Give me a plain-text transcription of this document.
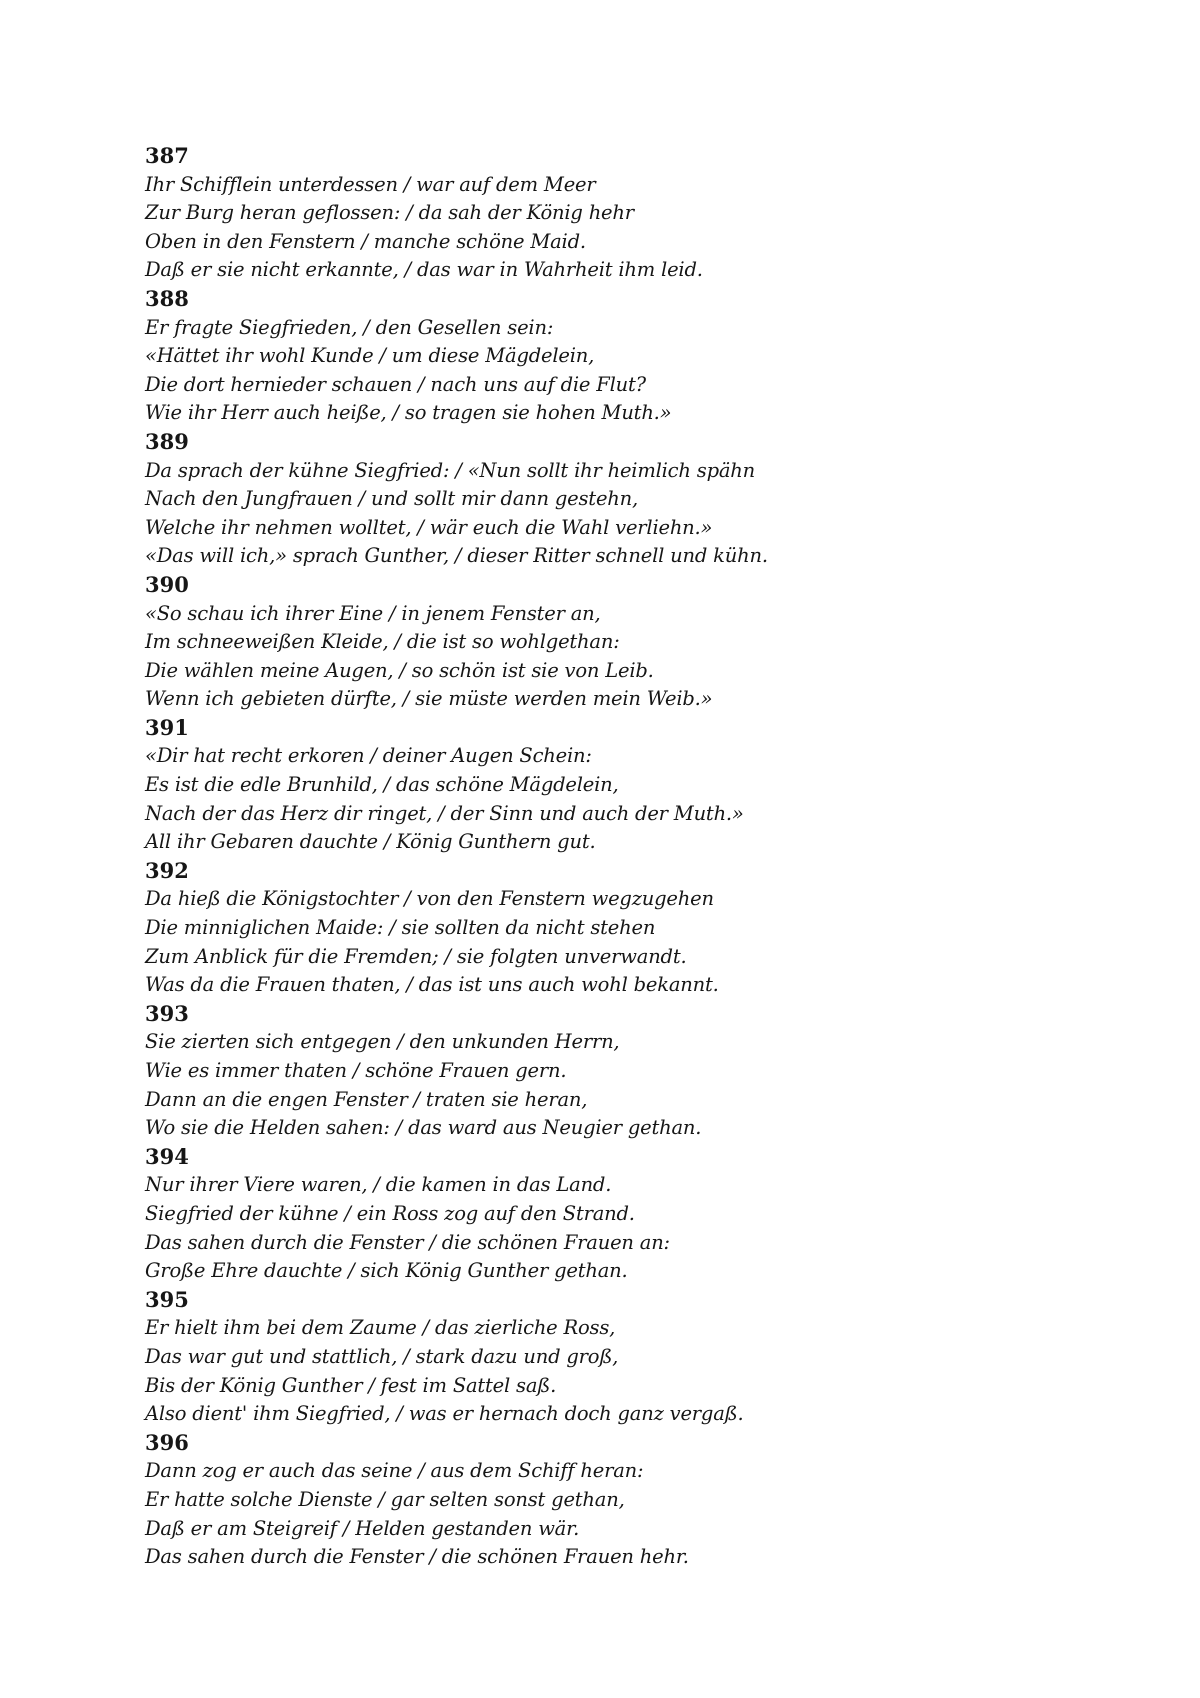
387
Ihr Schifflein unterdessen / war auf dem Meer
Zur Burg heran geflossen: / da sah der König hehr
Oben in den Fenstern / manche schöne Maid.
Daß er sie nicht erkannte, / das war in Wahrheit ihm leid.
388
Er fragte Siegfrieden, / den Gesellen sein:
«Hättet ihr wohl Kunde / um diese Mägdelein,
Die dort hernieder schauen / nach uns auf die Flut?
Wie ihr Herr auch heiße, / so tragen sie hohen Muth.»
389
Da sprach der kühne Siegfried: / «Nun sollt ihr heimlich spähn
Nach den Jungfrauen / und sollt mir dann gestehn,
Welche ihr nehmen wolltet, / wär euch die Wahl verliehn.»
«Das will ich,» sprach Gunther, / dieser Ritter schnell und kühn.
390
«So schau ich ihrer Eine / in jenem Fenster an,
Im schneeweißen Kleide, / die ist so wohlgethan:
Die wählen meine Augen, / so schön ist sie von Leib.
Wenn ich gebieten dürfte, / sie müste werden mein Weib.»
391
«Dir hat recht erkoren / deiner Augen Schein:
Es ist die edle Brunhild, / das schöne Mägdelein,
Nach der das Herz dir ringet, / der Sinn und auch der Muth.»
All ihr Gebaren dauchte / König Gunthern gut.
392
Da hieß die Königstochter / von den Fenstern wegzugehen
Die minniglichen Maide: / sie sollten da nicht stehen
Zum Anblick für die Fremden; / sie folgten unverwandt.
Was da die Frauen thaten, / das ist uns auch wohl bekannt.
393
Sie zierten sich entgegen / den unkunden Herrn,
Wie es immer thaten / schöne Frauen gern.
Dann an die engen Fenster / traten sie heran,
Wo sie die Helden sahen: / das ward aus Neugier gethan.
394
Nur ihrer Viere waren, / die kamen in das Land.
Siegfried der kühne / ein Ross zog auf den Strand.
Das sahen durch die Fenster / die schönen Frauen an:
Große Ehre dauchte / sich König Gunther gethan.
395
Er hielt ihm bei dem Zaume / das zierliche Ross,
Das war gut und stattlich, / stark dazu und groß,
Bis der König Gunther / fest im Sattel saß.
Also dient' ihm Siegfried, / was er hernach doch ganz vergaß.
396
Dann zog er auch das seine / aus dem Schiff heran:
Er hatte solche Dienste / gar selten sonst gethan,
Daß er am Steigreif / Helden gestanden wär.
Das sahen durch die Fenster / die schönen Frauen hehr.
